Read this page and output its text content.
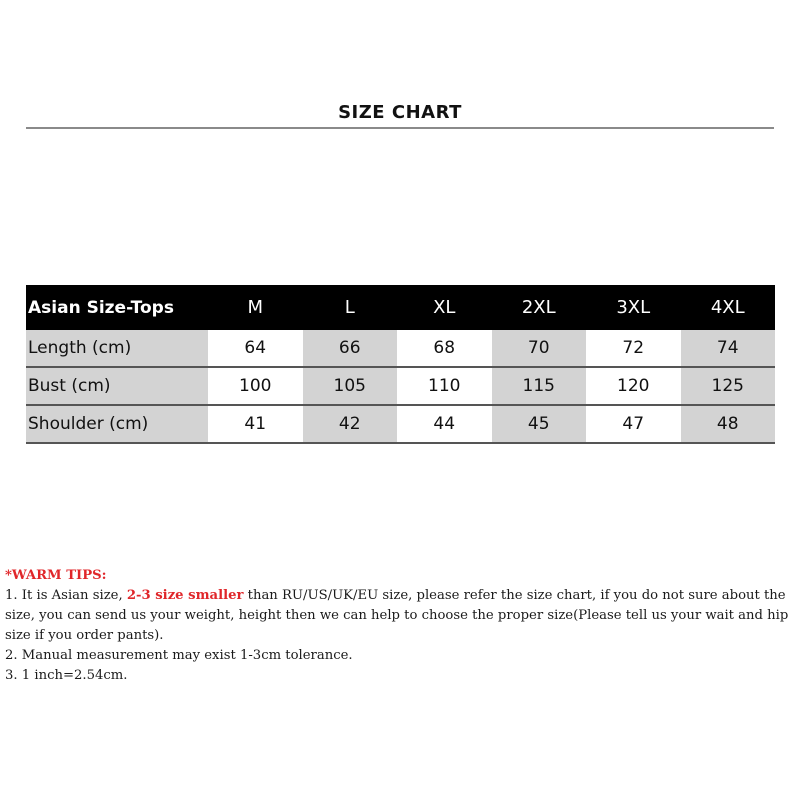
SIZE CHART
Asian Size-Tops	M	L	XL	2XL	3XL	4XL
Length (cm)	64	66	68	70	72	74
Bust (cm)	100	105	110	115	120	125
Shoulder (cm)	41	42	44	45	47	48

*WARM TIPS:

1. It is Asian size, 2-3 size smaller than RU/US/UK/EU size, please refer the size chart, if you do not sure about the size, you can send us your weight, height then we can help to choose the proper size(Please tell us your wait and hip size if you order pants).

2. Manual measurement may exist 1-3cm tolerance.

3. 1 inch=2.54cm.
